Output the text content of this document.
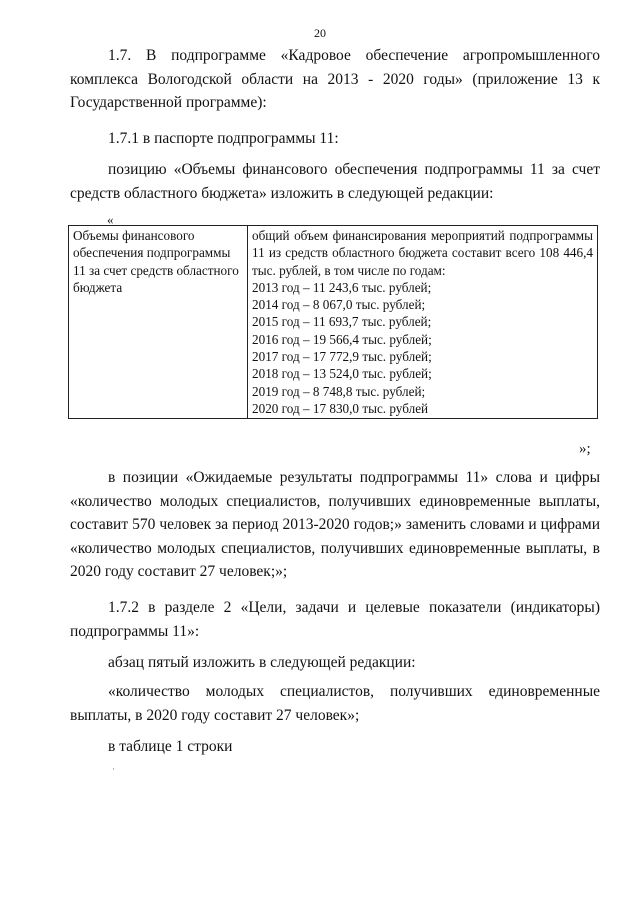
20

1.7. В подпрограмме «Кадровое обеспечение агропромышленного комплекса Вологодской области на 2013 - 2020 годы» (приложение 13 к Государственной программе):

1.7.1 в паспорте подпрограммы 11:

позицию «Объемы финансового обеспечения подпрограммы 11 за счет средств областного бюджета» изложить в следующей редакции:

«
Объемы финансового обеспечения подпрограммы 11 за счет средств областного бюджета	общий объем финансирования мероприятий подпрограммы 11 из средств областного бюджета составит всего 108 446,4 тыс. рублей, в том числе по годам:
2013 год – 11 243,6 тыс. рублей;
2014 год – 8 067,0 тыс. рублей;
2015 год – 11 693,7 тыс. рублей;
2016 год – 19 566,4 тыс. рублей;
2017 год – 17 772,9 тыс. рублей;
2018 год – 13 524,0 тыс. рублей;
2019 год – 8 748,8 тыс. рублей;
2020 год – 17 830,0 тыс. рублей
»;

в позиции «Ожидаемые результаты подпрограммы 11» слова и цифры «количество молодых специалистов, получивших единовременные выплаты, составит 570 человек за период 2013-2020 годов;» заменить словами и цифрами «количество молодых специалистов, получивших единовременные выплаты, в 2020 году составит 27 человек;»;

1.7.2 в разделе 2 «Цели, задачи и целевые показатели (индикаторы) подпрограммы 11»:

абзац пятый изложить в следующей редакции:

«количество молодых специалистов, получивших единовременные выплаты, в 2020 году составит 27 человек»;

в таблице 1 строки

·
